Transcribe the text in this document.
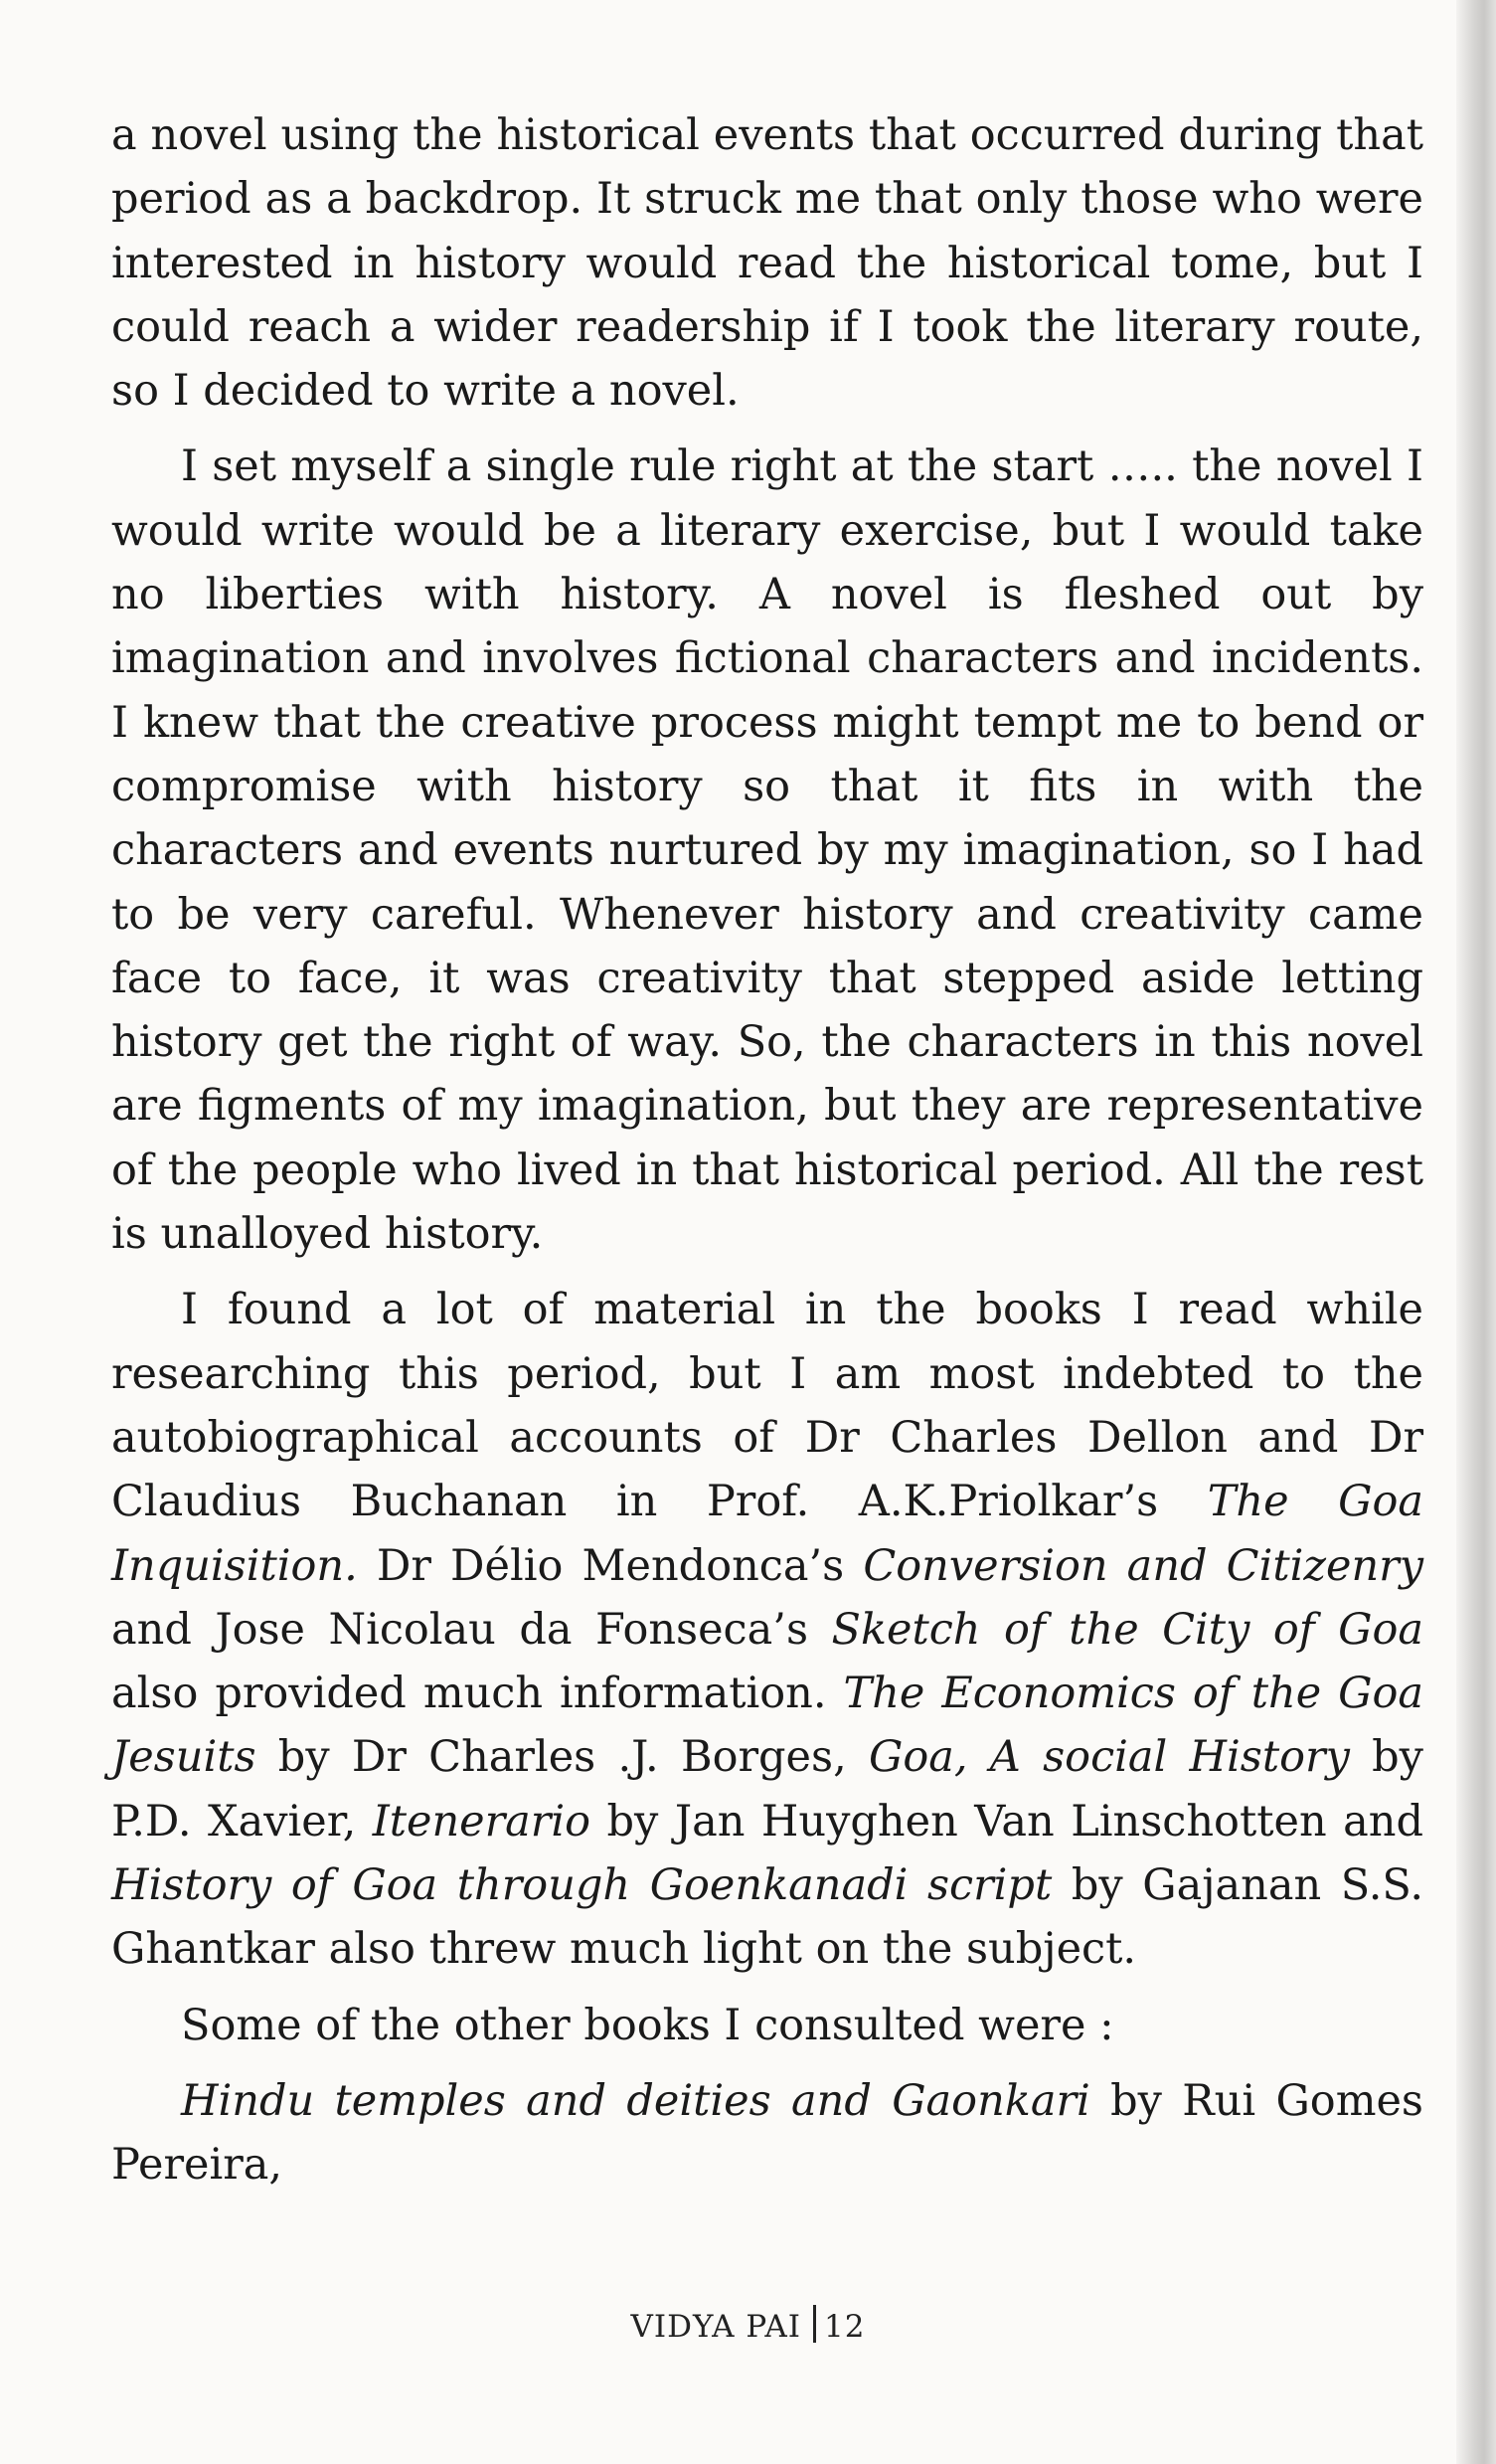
a novel using the historical events that occurred during that period as a backdrop. It struck me that only those who were interested in history would read the historical tome, but I could reach a wider readership if I took the literary route, so I decided to write a novel.

I set myself a single rule right at the start ….. the novel I would write would be a literary exercise, but I would take no liberties with history. A novel is fleshed out by imagination and involves fictional characters and incidents. I knew that the creative process might tempt me to bend or compromise with history so that it fits in with the characters and events nurtured by my imagination, so I had to be very careful. Whenever history and creativity came face to face, it was creativity that stepped aside letting history get the right of way. So, the characters in this novel are figments of my imagination, but they are representative of the people who lived in that historical period. All the rest is unalloyed history.

I found a lot of material in the books I read while researching this period, but I am most indebted to the autobiographical accounts of Dr Charles Dellon and Dr Claudius Buchanan in Prof. A.K.Priolkar’s The Goa Inquisition. Dr Délio Mendonca’s Conversion and Citizenry and Jose Nicolau da Fonseca’s Sketch of the City of Goa also provided much information. The Economics of the Goa Jesuits by Dr Charles .J. Borges, Goa, A social History by P.D. Xavier, Itenerario by Jan Huyghen Van Linschotten and History of Goa through Goenkanadi script by Gajanan S.S. Ghantkar also threw much light on the subject.

Some of the other books I consulted were :

Hindu temples and deities and Gaonkari by Rui Gomes Pereira,

VIDYA PAI 12
